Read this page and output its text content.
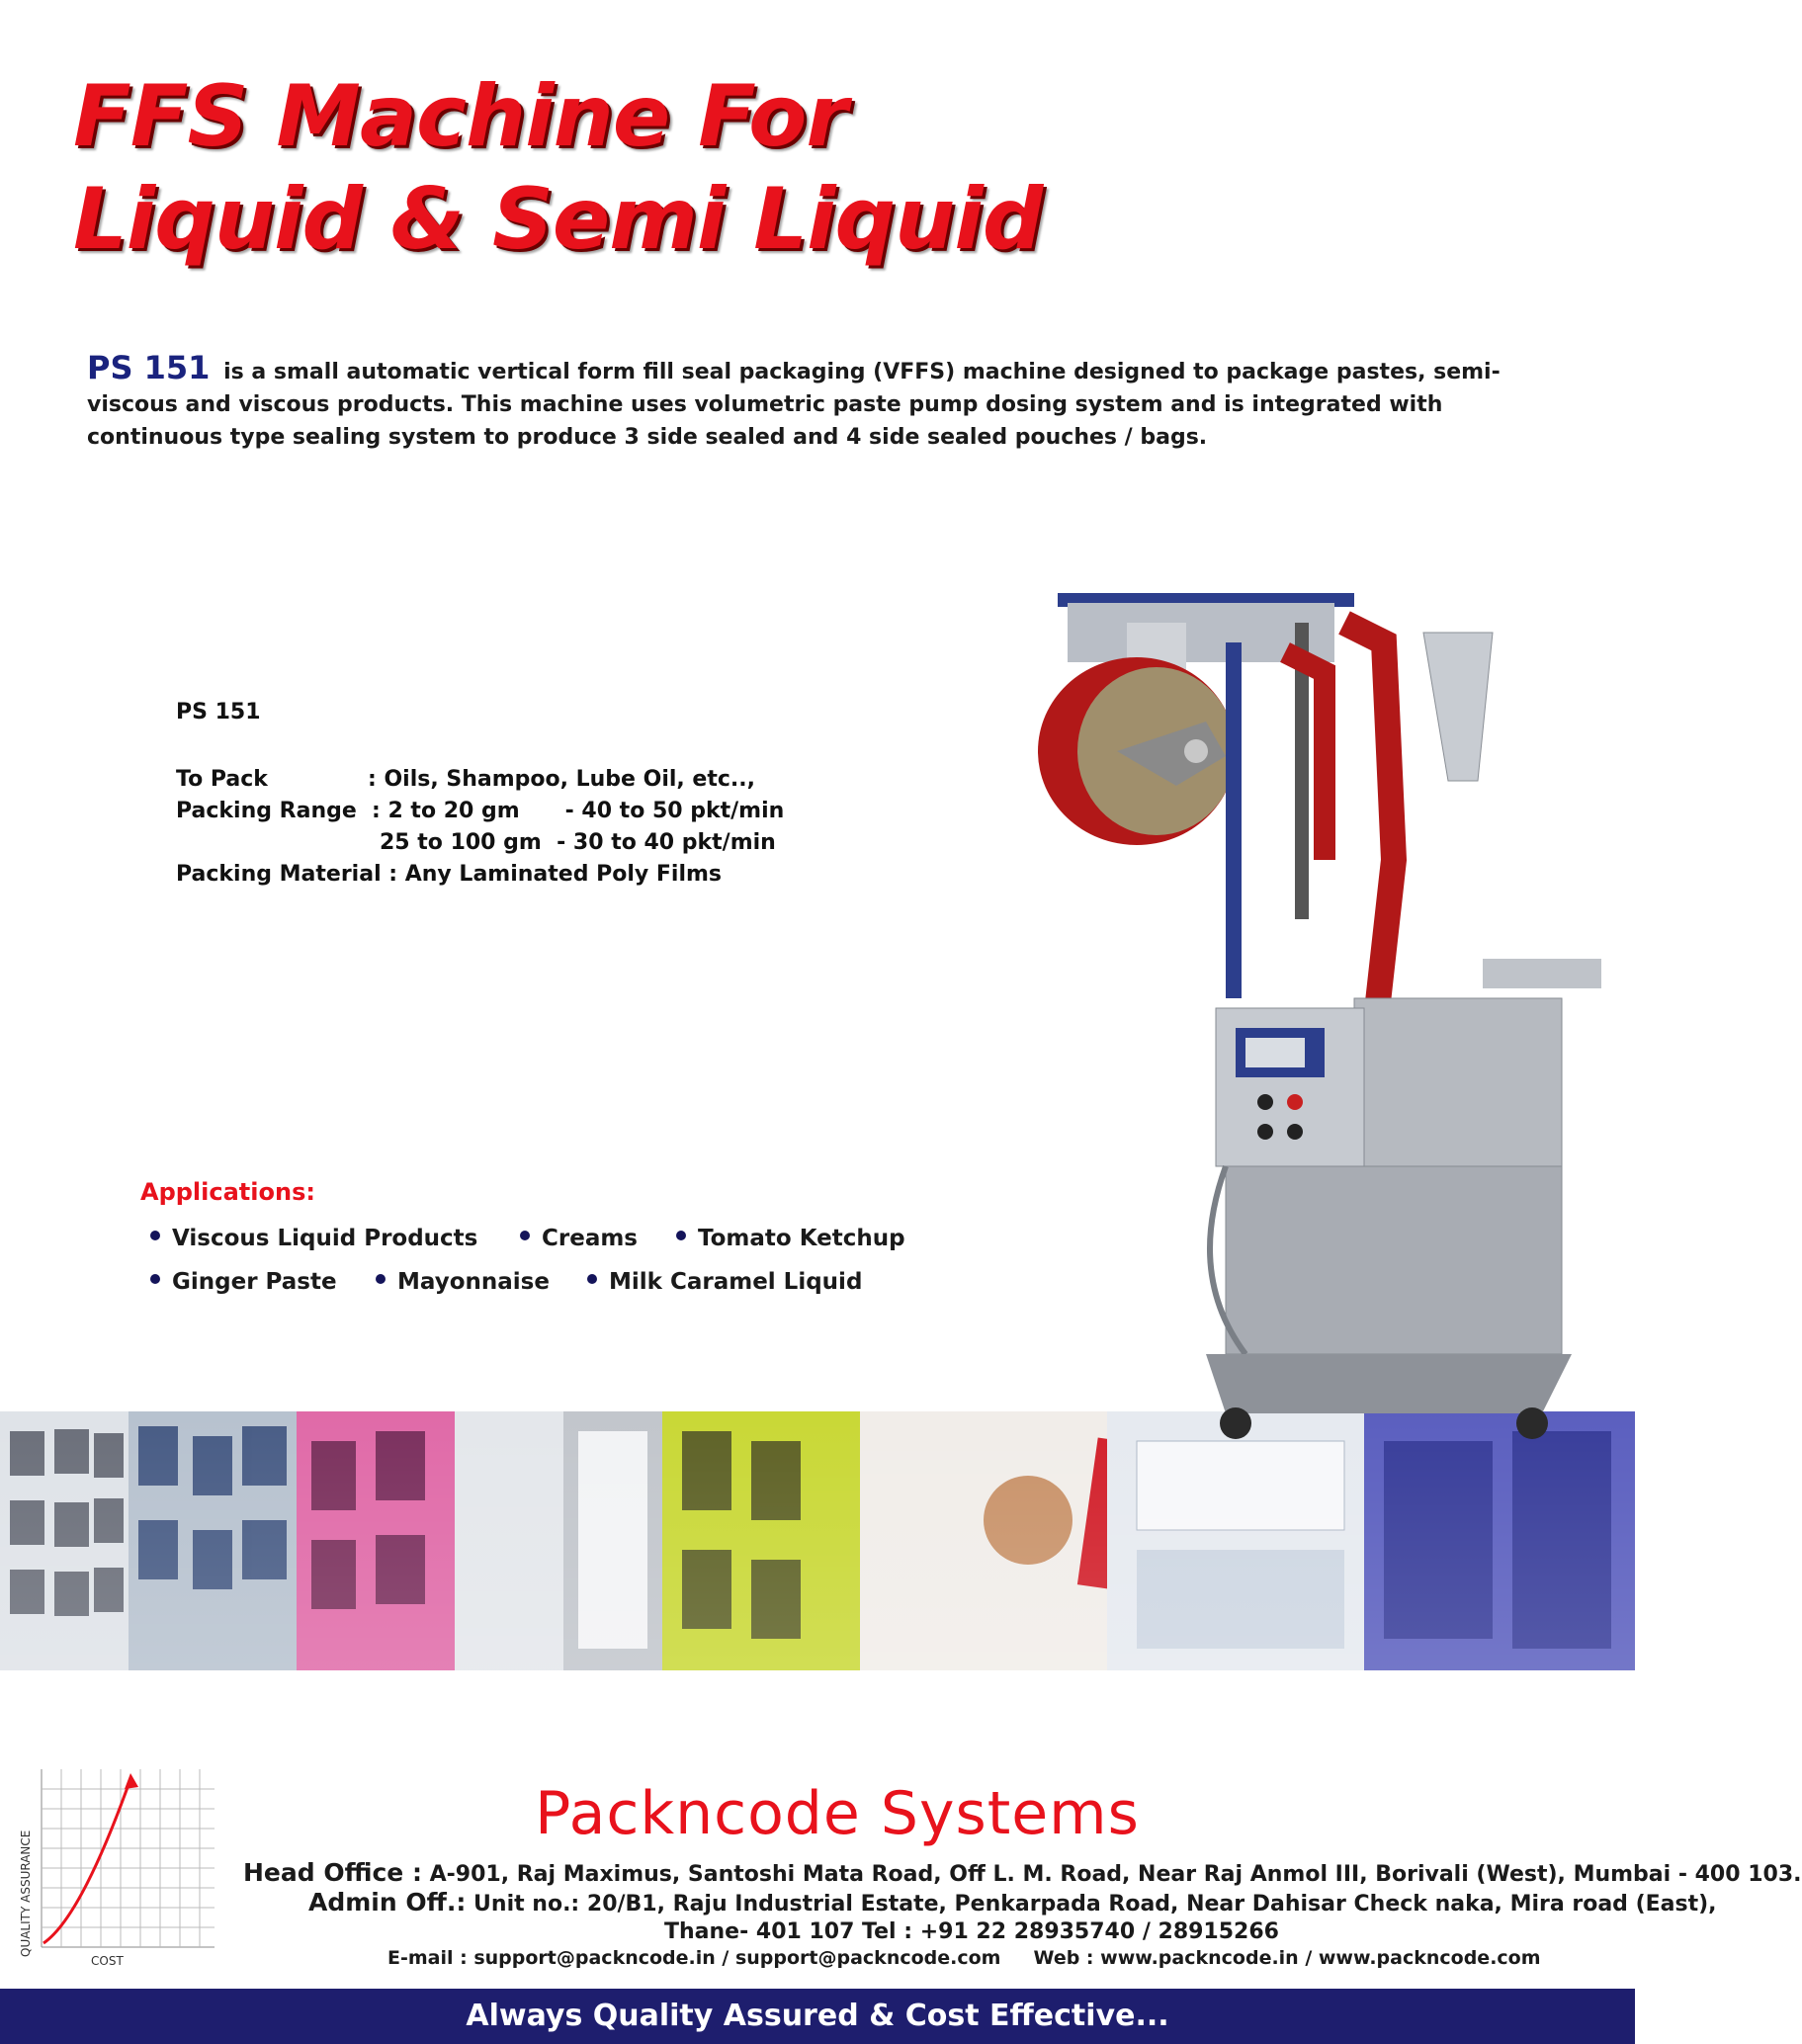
FFS Machine For
Liquid & Semi Liquid
PS 151 is a small automatic vertical form fill seal packaging (VFFS) machine designed to package pastes, semi-viscous and viscous products. This machine uses volumetric paste pump dosing system and is integrated with continuous type sealing system to produce 3 side sealed and 4 side sealed pouches / bags.
PS 151
To Pack	: Oils, Shampoo, Lube Oil, etc..,
Packing Range : 2 to 20 gm      - 40 to 50 pkt/min
25 to 100 gm  - 30 to 40 pkt/min
Packing Material : Any Laminated Poly Films
Applications:
Viscous Liquid Products	Creams	Tomato Ketchup
Ginger Paste	Mayonnaise	Milk Caramel Liquid
QUALITY ASSURANCE
COST
Packncode Systems
Head Office : A-901, Raj Maximus, Santoshi Mata Road, Off L. M. Road, Near Raj Anmol III, Borivali (West), Mumbai - 400 103.
Admin Off.: Unit no.: 20/B1, Raju Industrial Estate, Penkarpada Road, Near Dahisar Check naka, Mira road (East),
Thane- 401 107 Tel : +91 22 28935740 / 28915266
E-mail : support@packncode.in / support@packncode.com     Web : www.packncode.in / www.packncode.com
Always Quality Assured & Cost Effective...
